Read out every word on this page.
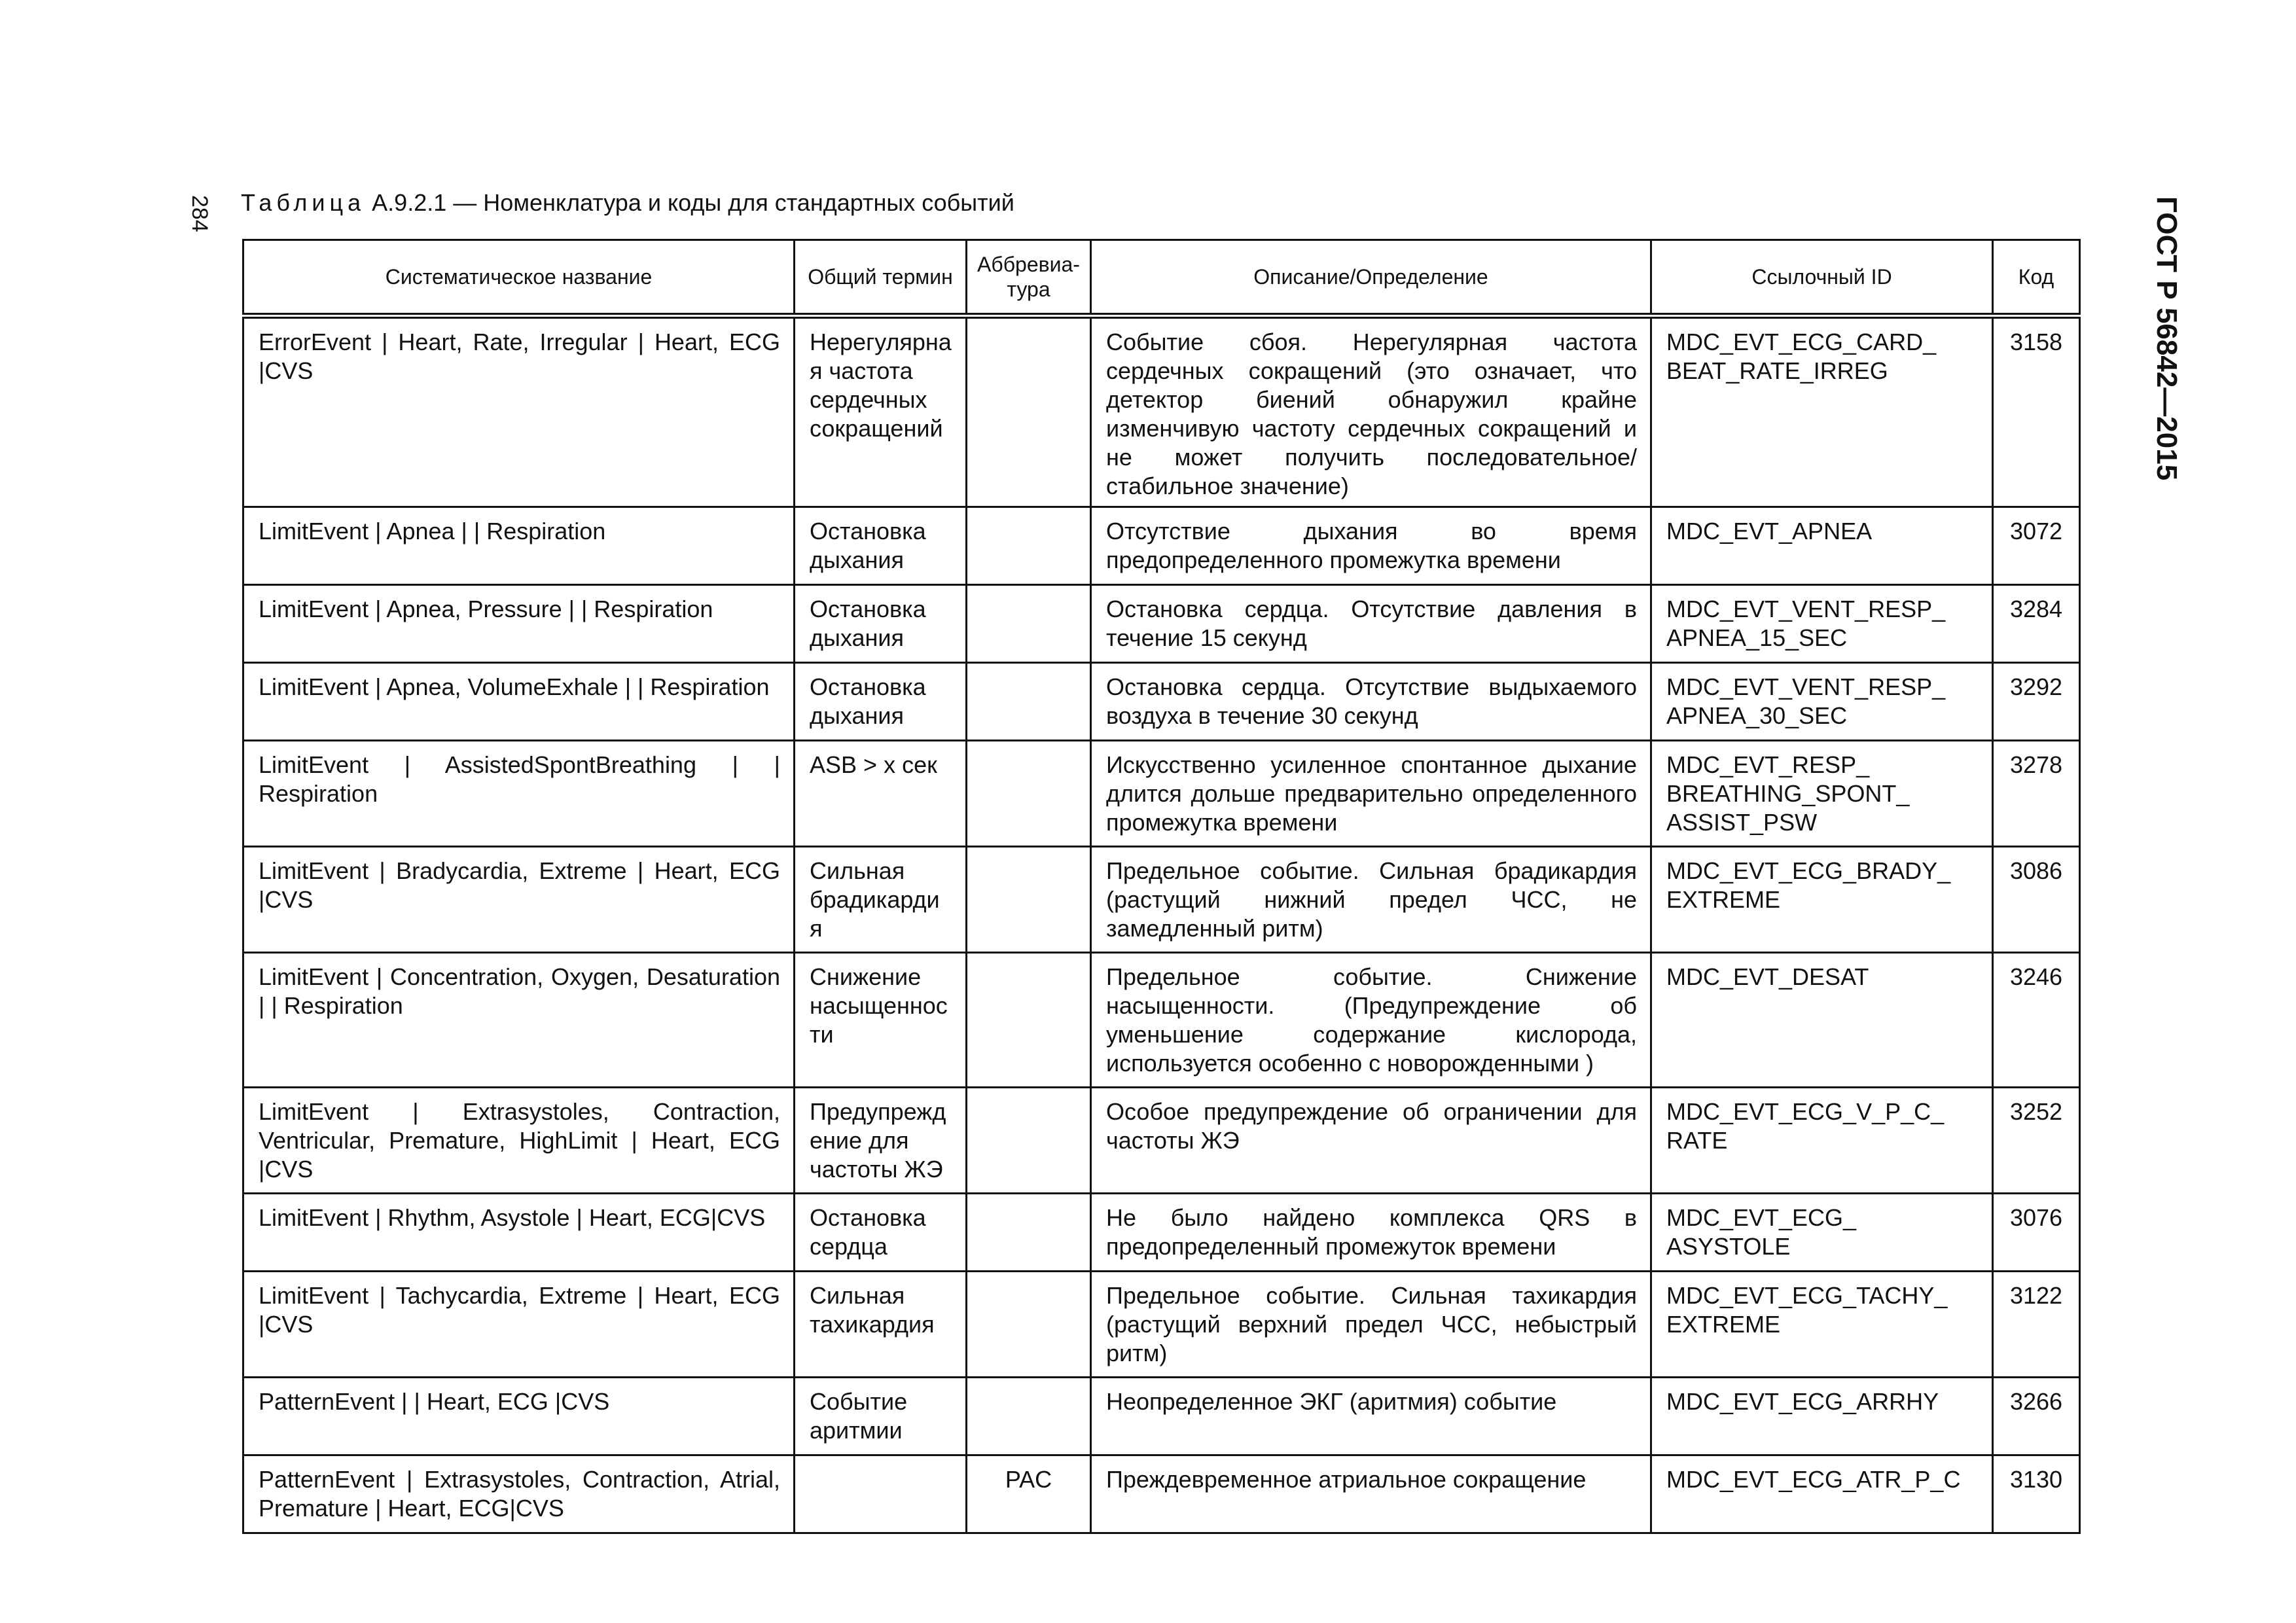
284 Таблица А.9.2.1 — Номенклатура и коды для стандартных событий	ГОСТ Р 56842—2015
Систематическое название	Общий термин	Аббревиа-тура	Описание/Определение	Ссылочный ID	Код
ErrorEvent | Heart, Rate, Irregular | Heart, ECG |CVS	Нерегулярная частота сердечных сокращений		Событие сбоя. Нерегулярная частота сердечных сокращений (это означает, что детектор биений обнаружил крайне изменчивую частоту сердечных сокращений и не может получить последовательное/стабильное значение)	MDC_EVT_ECG_CARD_ BEAT_RATE_IRREG	3158
LimitEvent | Apnea | | Respiration	Остановка дыхания		Отсутствие дыхания во время предопределенного промежутка времени	MDC_EVT_APNEA	3072
LimitEvent | Apnea, Pressure | | Respiration	Остановка дыхания		Остановка сердца. Отсутствие давления в течение 15 секунд	MDC_EVT_VENT_RESP_ APNEA_15_SEC	3284
LimitEvent | Apnea, VolumeExhale | | Respiration	Остановка дыхания		Остановка сердца. Отсутствие выдыхаемого воздуха в течение 30 секунд	MDC_EVT_VENT_RESP_ APNEA_30_SEC	3292
LimitEvent | AssistedSpontBreathing | | Respiration	ASB > x сек		Искусственно усиленное спонтанное дыхание длится дольше предварительно определенного промежутка времени	MDC_EVT_RESP_ BREATHING_SPONT_ ASSIST_PSW	3278
LimitEvent | Bradycardia, Extreme | Heart, ECG |CVS	Сильная брадикардия		Предельное событие. Сильная брадикардия (растущий нижний предел ЧСС, не замедленный ритм)	MDC_EVT_ECG_BRADY_ EXTREME	3086
LimitEvent | Concentration, Oxygen, Desaturation | | Respiration	Снижение насыщенности		Предельное событие. Снижение насыщенности. (Предупреждение об уменьшение содержание кислорода, используется особенно с новорожденными )	MDC_EVT_DESAT	3246
LimitEvent | Extrasystoles, Contraction, Ventricular, Premature, HighLimit | Heart, ECG |CVS	Предупреждение для частоты ЖЭ		Особое предупреждение об ограничении для частоты ЖЭ	MDC_EVT_ECG_V_P_C_ RATE	3252
LimitEvent | Rhythm, Asystole | Heart, ECG|CVS	Остановка сердца		Не было найдено комплекса QRS в предопределенный промежуток времени	MDC_EVT_ECG_ ASYSTOLE	3076
LimitEvent | Tachycardia, Extreme | Heart, ECG |CVS	Сильная тахикардия		Предельное событие. Сильная тахикардия (растущий верхний предел ЧСС, небыстрый ритм)	MDC_EVT_ECG_TACHY_ EXTREME	3122
PatternEvent | | Heart, ECG |CVS	Событие аритмии		Неопределенное ЭКГ (аритмия) событие	MDC_EVT_ECG_ARRHY	3266
PatternEvent | Extrasystoles, Contraction, Atrial, Premature | Heart, ECG|CVS		PAC	Преждевременное атриальное сокращение	MDC_EVT_ECG_ATR_P_C	3130
